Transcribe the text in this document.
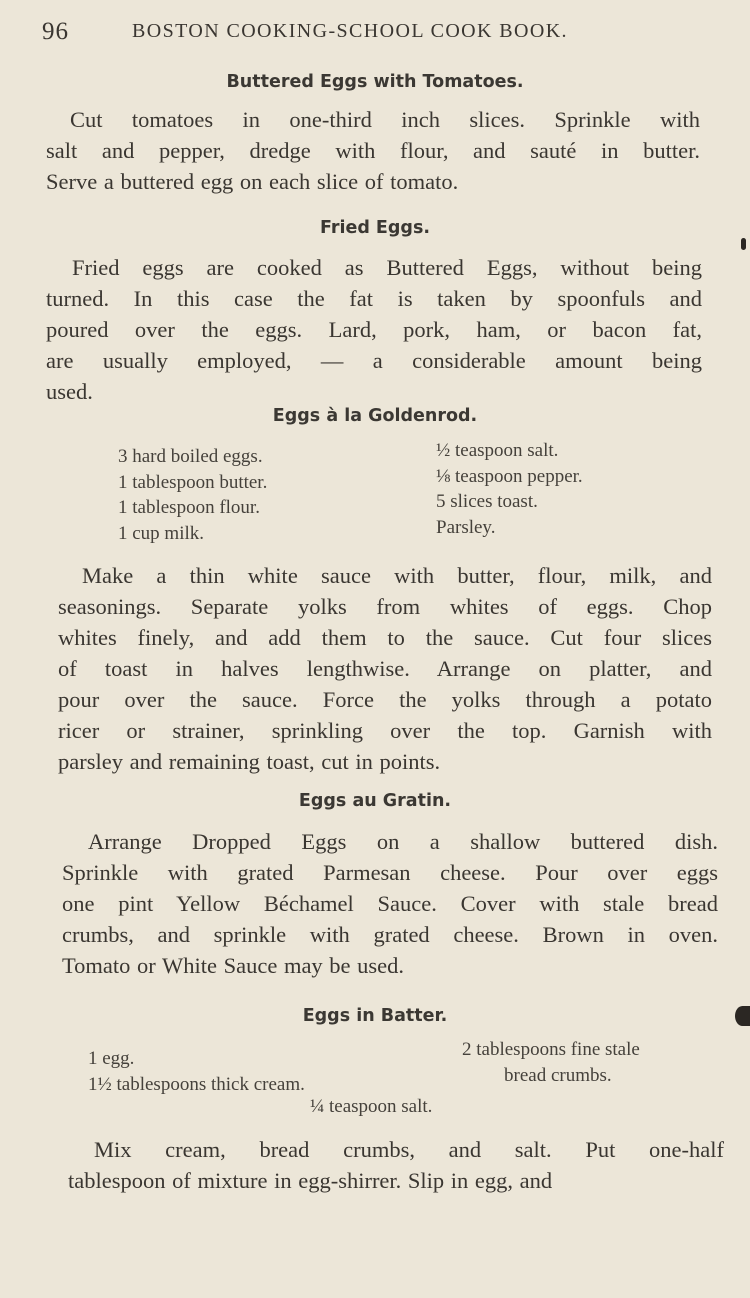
96	BOSTON COOKING-SCHOOL COOK BOOK.
Buttered Eggs with Tomatoes.
Cut tomatoes in one-third inch slices. Sprinkle with
salt and pepper, dredge with flour, and sauté in butter.
Serve a buttered egg on each slice of tomato.
Fried Eggs.
Fried eggs are cooked as Buttered Eggs, without being
turned. In this case the fat is taken by spoonfuls and
poured over the eggs. Lard, pork, ham, or bacon fat,
are usually employed, — a considerable amount being
used.
Eggs à la Goldenrod.
3 hard boiled eggs.
1 tablespoon butter.
1 tablespoon flour.
1 cup milk.
½ teaspoon salt.
⅛ teaspoon pepper.
5 slices toast.
Parsley.
Make a thin white sauce with butter, flour, milk, and
seasonings. Separate yolks from whites of eggs. Chop
whites finely, and add them to the sauce. Cut four slices
of toast in halves lengthwise. Arrange on platter, and
pour over the sauce. Force the yolks through a potato
ricer or strainer, sprinkling over the top. Garnish with
parsley and remaining toast, cut in points.
Eggs au Gratin.
Arrange Dropped Eggs on a shallow buttered dish.
Sprinkle with grated Parmesan cheese. Pour over eggs
one pint Yellow Béchamel Sauce. Cover with stale bread
crumbs, and sprinkle with grated cheese. Brown in oven.
Tomato or White Sauce may be used.
Eggs in Batter.
1 egg.
1½ tablespoons thick cream.
2 tablespoons fine stale
bread crumbs.
¼ teaspoon salt.
Mix cream, bread crumbs, and salt. Put one-half
tablespoon of mixture in egg-shirrer. Slip in egg, and
